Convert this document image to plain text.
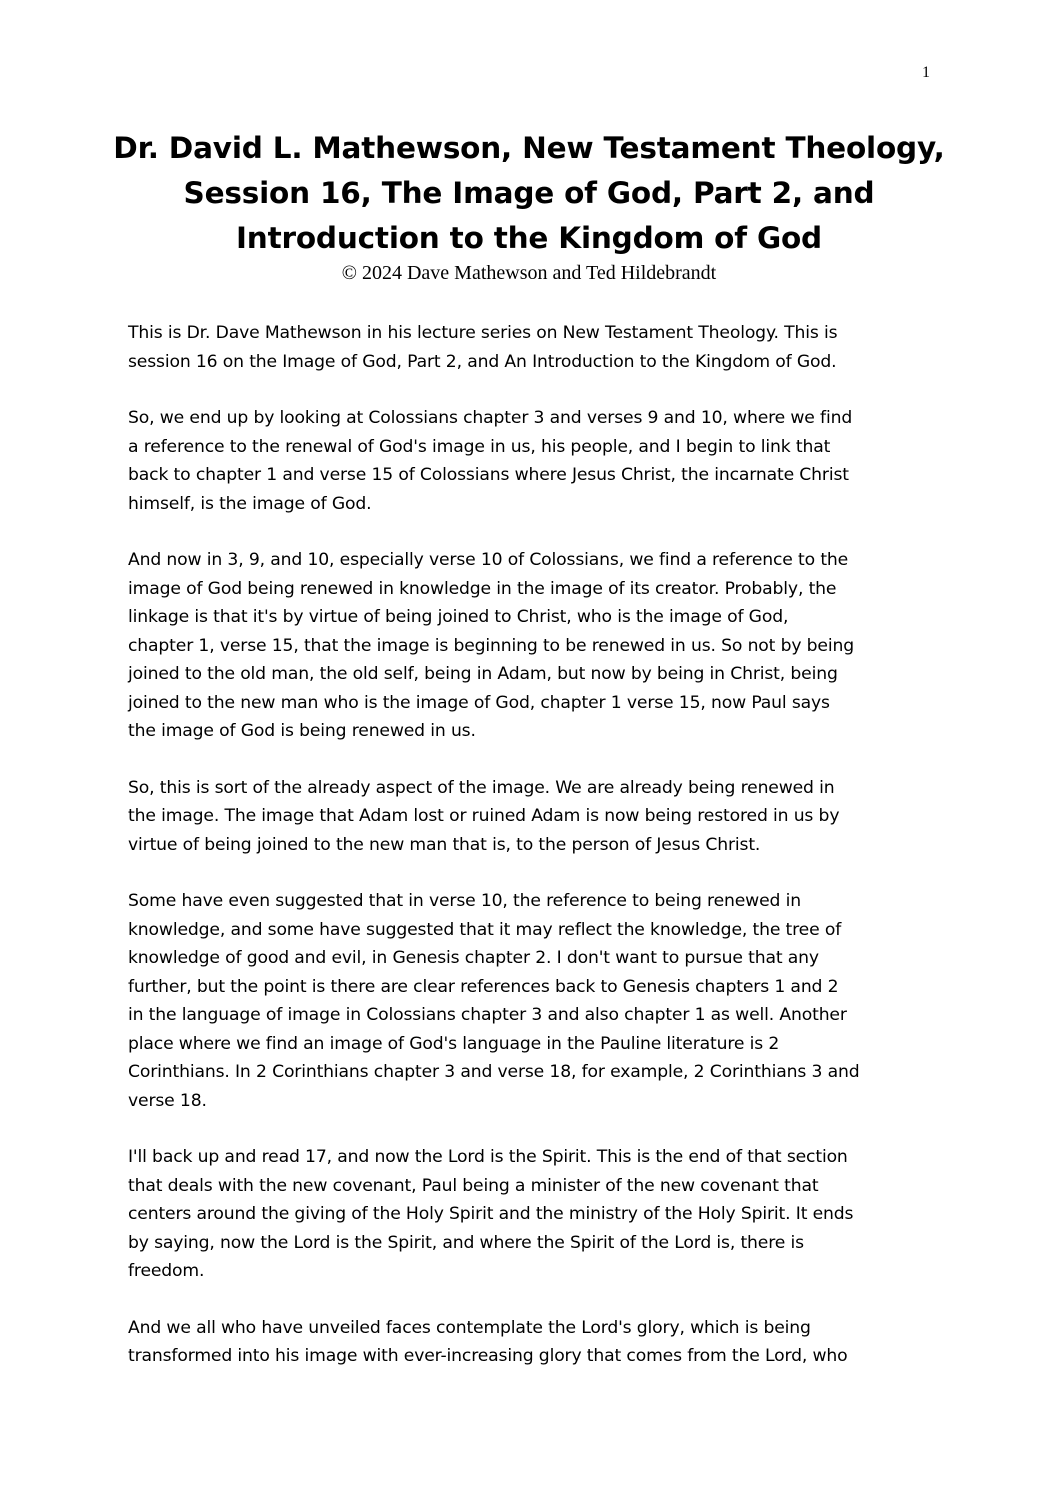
1
Dr. David L. Mathewson, New Testament Theology,
Session 16, The Image of God, Part 2, and
Introduction to the Kingdom of God
© 2024 Dave Mathewson and Ted Hildebrandt
This is Dr. Dave Mathewson in his lecture series on New Testament Theology. This is
session 16 on the Image of God, Part 2, and An Introduction to the Kingdom of God.
So, we end up by looking at Colossians chapter 3 and verses 9 and 10, where we find
a reference to the renewal of God's image in us, his people, and I begin to link that
back to chapter 1 and verse 15 of Colossians where Jesus Christ, the incarnate Christ
himself, is the image of God.
And now in 3, 9, and 10, especially verse 10 of Colossians, we find a reference to the
image of God being renewed in knowledge in the image of its creator. Probably, the
linkage is that it's by virtue of being joined to Christ, who is the image of God,
chapter 1, verse 15, that the image is beginning to be renewed in us. So not by being
joined to the old man, the old self, being in Adam, but now by being in Christ, being
joined to the new man who is the image of God, chapter 1 verse 15, now Paul says
the image of God is being renewed in us.
So, this is sort of the already aspect of the image. We are already being renewed in
the image. The image that Adam lost or ruined Adam is now being restored in us by
virtue of being joined to the new man that is, to the person of Jesus Christ.
Some have even suggested that in verse 10, the reference to being renewed in
knowledge, and some have suggested that it may reflect the knowledge, the tree of
knowledge of good and evil, in Genesis chapter 2. I don't want to pursue that any
further, but the point is there are clear references back to Genesis chapters 1 and 2
in the language of image in Colossians chapter 3 and also chapter 1 as well. Another
place where we find an image of God's language in the Pauline literature is 2
Corinthians. In 2 Corinthians chapter 3 and verse 18, for example, 2 Corinthians 3 and
verse 18.
I'll back up and read 17, and now the Lord is the Spirit. This is the end of that section
that deals with the new covenant, Paul being a minister of the new covenant that
centers around the giving of the Holy Spirit and the ministry of the Holy Spirit. It ends
by saying, now the Lord is the Spirit, and where the Spirit of the Lord is, there is
freedom.
And we all who have unveiled faces contemplate the Lord's glory, which is being
transformed into his image with ever-increasing glory that comes from the Lord, who
